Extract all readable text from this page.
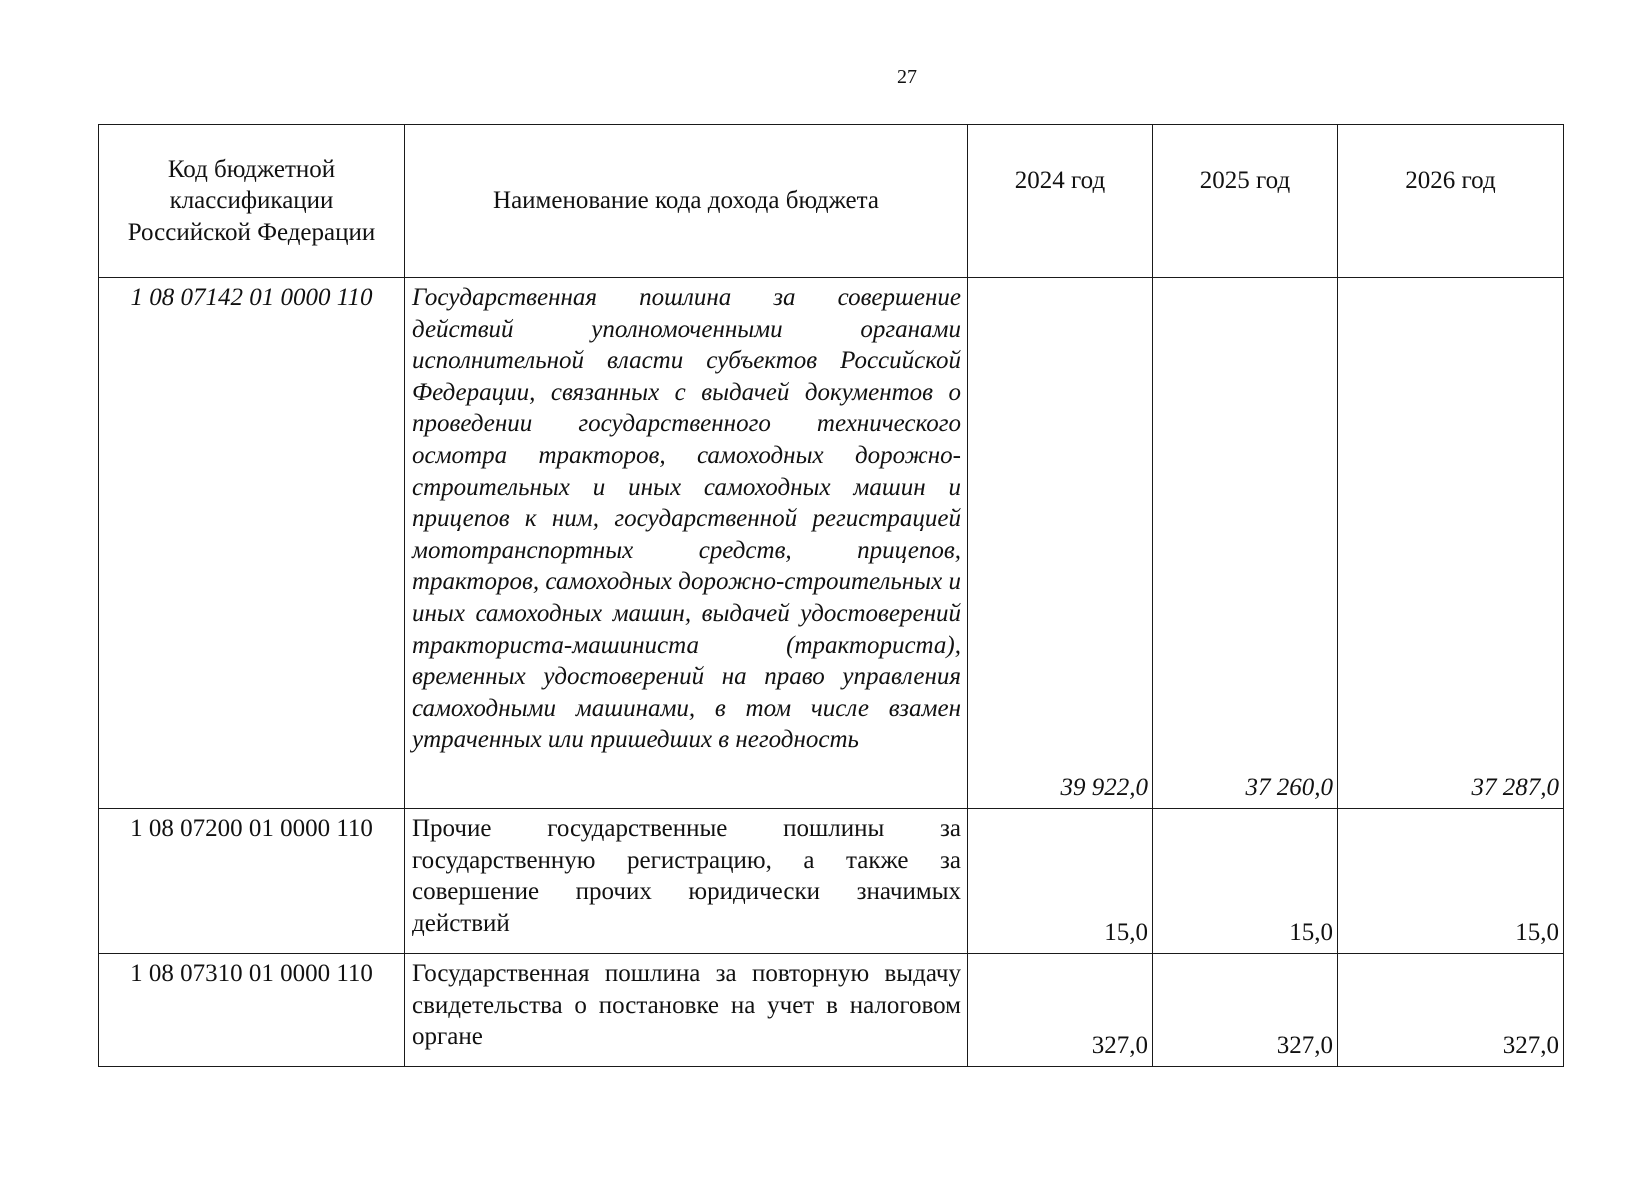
27
Код бюджетной классификации Российской Федерации	Наименование кода дохода бюджета	2024 год	2025 год	2026 год
1 08 07142 01 0000 110	Государственная пошлина за совершение действий уполномоченными органами исполнительной власти субъектов Российской Федерации, связанных с выдачей документов о проведении государственного технического осмотра тракторов, самоходных дорожно-строительных и иных самоходных машин и прицепов к ним, государственной регистрацией мототранспортных средств, прицепов, тракторов, самоходных дорожно-строительных и иных самоходных машин, выдачей удостоверений тракториста-машиниста (тракториста), временных удостоверений на право управления самоходными машинами, в том числе взамен утраченных или пришедших в негодность	39 922,0	37 260,0	37 287,0
1 08 07200 01 0000 110	Прочие государственные пошлины за государственную регистрацию, а также за совершение прочих юридически значимых действий	15,0	15,0	15,0
1 08 07310 01 0000 110	Государственная пошлина за повторную выдачу свидетельства о постановке на учет в налоговом органе	327,0	327,0	327,0
